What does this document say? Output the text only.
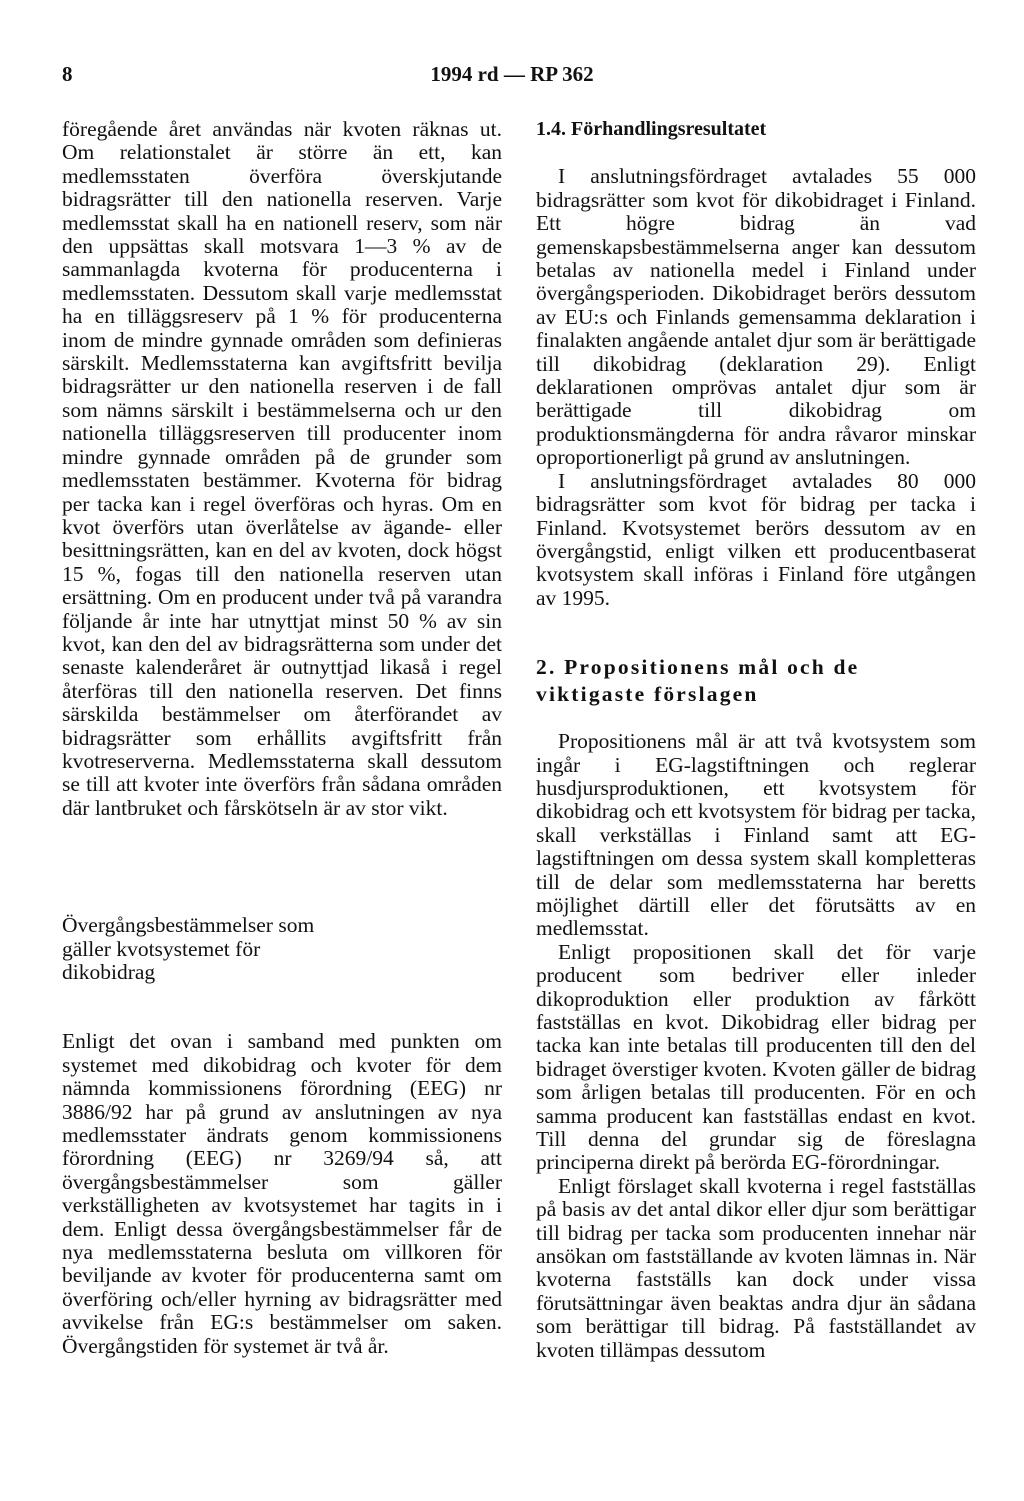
8	1994 rd — RP 362

föregående året användas när kvoten räknas ut. Om relationstalet är större än ett, kan medlemsstaten överföra överskjutande bidragsrätter till den nationella reserven. Varje medlemsstat skall ha en nationell reserv, som när den uppsättas skall motsvara 1—3 % av de sammanlagda kvoterna för producenterna i medlemsstaten. Dessutom skall varje medlemsstat ha en tilläggsreserv på 1 % för producenterna inom de mindre gynnade områden som definieras särskilt. Medlemsstaterna kan avgiftsfritt bevilja bidragsrätter ur den nationella reserven i de fall som nämns särskilt i bestämmelserna och ur den nationella tilläggsreserven till producenter inom mindre gynnade områden på de grunder som medlemsstaten bestämmer. Kvoterna för bidrag per tacka kan i regel överföras och hyras. Om en kvot överförs utan överlåtelse av ägande- eller besittningsrätten, kan en del av kvoten, dock högst 15 %, fogas till den nationella reserven utan ersättning. Om en producent under två på varandra följande år inte har utnyttjat minst 50 % av sin kvot, kan den del av bidragsrätterna som under det senaste kalenderåret är outnyttjad likaså i regel återföras till den nationella reserven. Det finns särskilda bestämmelser om återförandet av bidragsrätter som erhållits avgiftsfritt från kvotreserverna. Medlemsstaterna skall dessutom se till att kvoter inte överförs från sådana områden där lantbruket och fårskötseln är av stor vikt.

Övergångsbestämmelser som gäller kvotsystemet för dikobidrag

Enligt det ovan i samband med punkten om systemet med dikobidrag och kvoter för dem nämnda kommissionens förordning (EEG) nr 3886/92 har på grund av anslutningen av nya medlemsstater ändrats genom kommissionens förordning (EEG) nr 3269/94 så, att övergångsbestämmelser som gäller verkställigheten av kvotsystemet har tagits in i dem. Enligt dessa övergångsbestämmelser får de nya medlemsstaterna besluta om villkoren för beviljande av kvoter för producenterna samt om överföring och/eller hyrning av bidragsrätter med avvikelse från EG:s bestämmelser om saken. Övergångstiden för systemet är två år.

1.4. Förhandlingsresultatet

I anslutningsfördraget avtalades 55 000 bidragsrätter som kvot för dikobidraget i Finland. Ett högre bidrag än vad gemenskapsbestämmelserna anger kan dessutom betalas av nationella medel i Finland under övergångsperioden. Dikobidraget berörs dessutom av EU:s och Finlands gemensamma deklaration i finalakten angående antalet djur som är berättigade till dikobidrag (deklaration 29). Enligt deklarationen omprövas antalet djur som är berättigade till dikobidrag om produktionsmängderna för andra råvaror minskar oproportionerligt på grund av anslutningen.

I anslutningsfördraget avtalades 80 000 bidragsrätter som kvot för bidrag per tacka i Finland. Kvotsystemet berörs dessutom av en övergångstid, enligt vilken ett producentbaserat kvotsystem skall införas i Finland före utgången av 1995.

2. Propositionens mål och de viktigaste förslagen

Propositionens mål är att två kvotsystem som ingår i EG-lagstiftningen och reglerar husdjursproduktionen, ett kvotsystem för dikobidrag och ett kvotsystem för bidrag per tacka, skall verkställas i Finland samt att EG-lagstiftningen om dessa system skall kompletteras till de delar som medlemsstaterna har beretts möjlighet därtill eller det förutsätts av en medlemsstat.

Enligt propositionen skall det för varje producent som bedriver eller inleder dikoproduktion eller produktion av fårkött fastställas en kvot. Dikobidrag eller bidrag per tacka kan inte betalas till producenten till den del bidraget överstiger kvoten. Kvoten gäller de bidrag som årligen betalas till producenten. För en och samma producent kan fastställas endast en kvot. Till denna del grundar sig de föreslagna principerna direkt på berörda EG-förordningar.

Enligt förslaget skall kvoterna i regel fastställas på basis av det antal dikor eller djur som berättigar till bidrag per tacka som producenten innehar när ansökan om fastställande av kvoten lämnas in. När kvoterna fastställs kan dock under vissa förutsättningar även beaktas andra djur än sådana som berättigar till bidrag. På fastställandet av kvoten tillämpas dessutom
